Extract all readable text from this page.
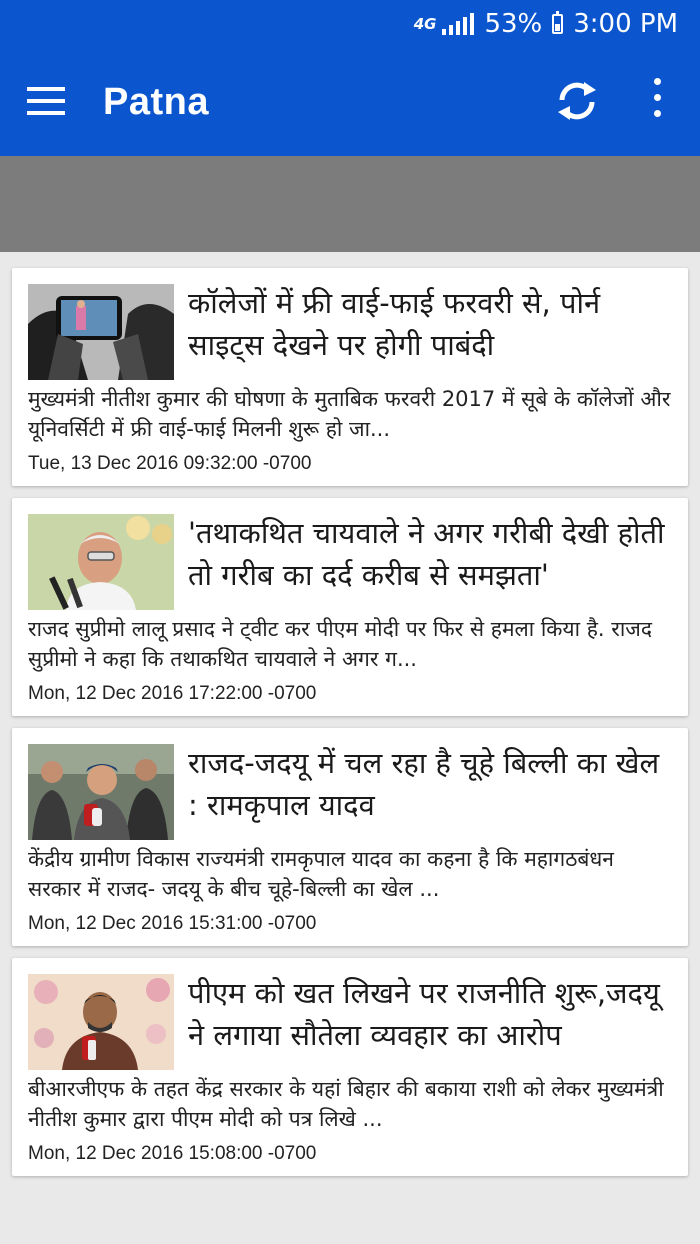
4G 53% 3:00 PM
Patna
कॉलेजों में फ्री वाई-फाई फरवरी से, पोर्न साइट्स देखने पर होगी पाबंदी
मुख्यमंत्री नीतीश कुमार की घोषणा के मुताबिक फरवरी 2017 में सूबे के कॉलेजों और यूनिवर्सिटी में फ्री वाई-फाई मिलनी शुरू हो जा...
Tue, 13 Dec 2016 09:32:00 -0700
'तथाकथित चायवाले ने अगर गरीबी देखी होती तो गरीब का दर्द करीब से समझता'
राजद सुप्रीमो लालू प्रसाद ने ट्वीट कर पीएम मोदी पर फिर से हमला किया है. राजद सुप्रीमो ने कहा कि तथाकथित चायवाले ने अगर ग...
Mon, 12 Dec 2016 17:22:00 -0700
राजद-जदयू में चल रहा है चूहे बिल्ली का खेल : रामकृपाल यादव
केंद्रीय ग्रामीण विकास राज्यमंत्री रामकृपाल यादव का कहना है कि महागठबंधन सरकार में राजद- जदयू के बीच चूहे-बिल्ली का खेल ...
Mon, 12 Dec 2016 15:31:00 -0700
पीएम को खत लिखने पर राजनीति शुरू,जदयू ने लगाया सौतेला व्यवहार का आरोप
बीआरजीएफ के तहत केंद्र सरकार के यहां बिहार की बकाया राशी को लेकर मुख्यमंत्री नीतीश कुमार द्वारा पीएम मोदी को पत्र लिखे ...
Mon, 12 Dec 2016 15:08:00 -0700
